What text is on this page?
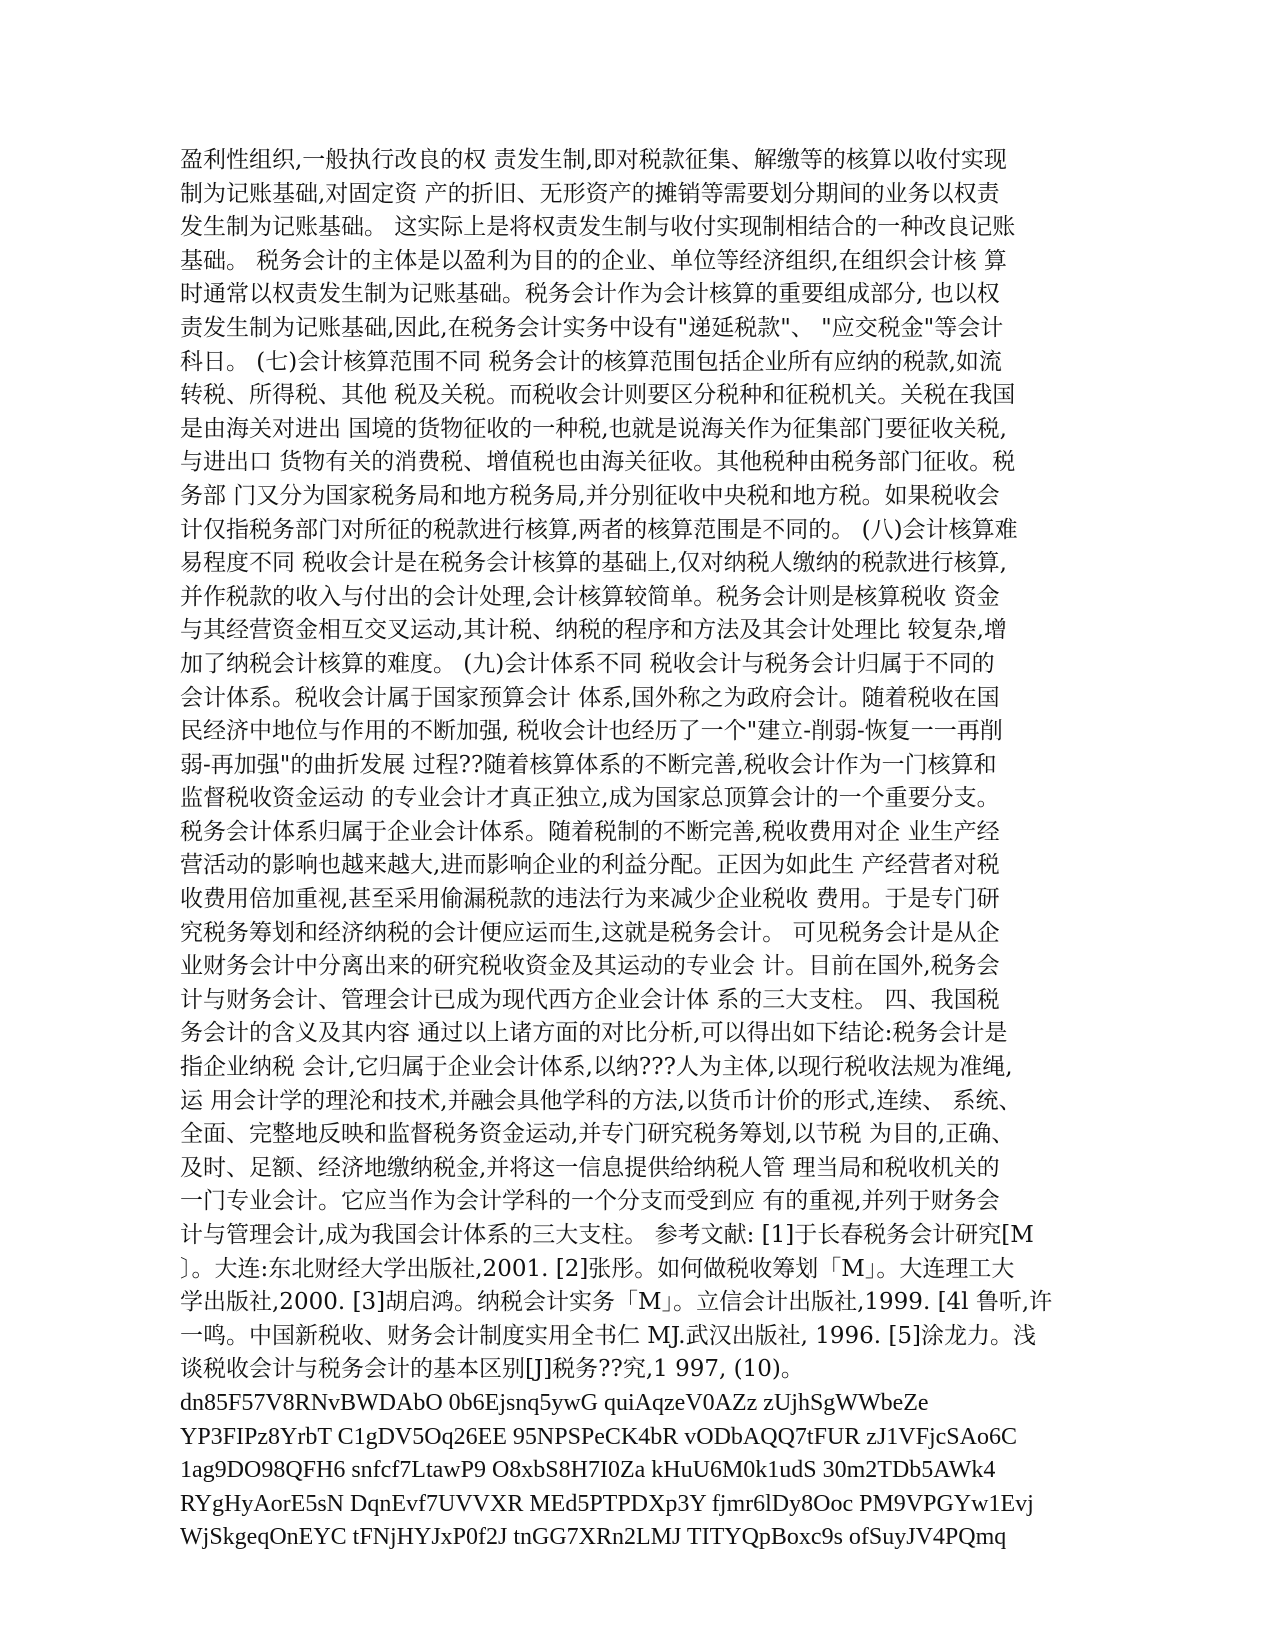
盈利性组织,一般执行改良的权 责发生制,即对税款征集、解缴等的核算以收付实现
制为记账基础,对固定资 产的折旧、无形资产的摊销等需要划分期间的业务以权责
发生制为记账基础。 这实际上是将权责发生制与收付实现制相结合的一种改良记账
基础。 税务会计的主体是以盈利为目的的企业、单位等经济组织,在组织会计核 算
时通常以权责发生制为记账基础。税务会计作为会计核算的重要组成部分, 也以权
责发生制为记账基础,因此,在税务会计实务中设有"递延税款"、 "应交税金"等会计
科日。 (七)会计核算范围不同 税务会计的核算范围包括企业所有应纳的税款,如流
转税、所得税、其他 税及关税。而税收会计则要区分税种和征税机关。关税在我国
是由海关对进出 国境的货物征收的一种税,也就是说海关作为征集部门要征收关税,
与进出口 货物有关的消费税、增值税也由海关征收。其他税种由税务部门征收。税
务部 门又分为国家税务局和地方税务局,并分别征收中央税和地方税。如果税收会
计仅指税务部门对所征的税款进行核算,两者的核算范围是不同的。 (八)会计核算难
易程度不同 税收会计是在税务会计核算的基础上,仅对纳税人缴纳的税款进行核算,
并作税款的收入与付出的会计处理,会计核算较简单。税务会计则是核算税收 资金
与其经营资金相互交叉运动,其计税、纳税的程序和方法及其会计处理比 较复杂,增
加了纳税会计核算的难度。 (九)会计体系不同 税收会计与税务会计归属于不同的
会计体系。税收会计属于国家预算会计 体系,国外称之为政府会计。随着税收在国
民经济中地位与作用的不断加强, 税收会计也经历了一个"建立-削弱-恢复一一再削
弱-再加强"的曲折发展 过程??随着核算体系的不断完善,税收会计作为一门核算和
监督税收资金运动 的专业会计才真正独立,成为国家总顶算会计的一个重要分支。
税务会计体系归属于企业会计体系。随着税制的不断完善,税收费用对企 业生产经
营活动的影响也越来越大,进而影响企业的利益分配。正因为如此生 产经营者对税
收费用倍加重视,甚至采用偷漏税款的违法行为来减少企业税收 费用。于是专门研
究税务筹划和经济纳税的会计便应运而生,这就是税务会计。 可见税务会计是从企
业财务会计中分离出来的研究税收资金及其运动的专业会 计。目前在国外,税务会
计与财务会计、管理会计已成为现代西方企业会计体 系的三大支柱。 四、我国税
务会计的含义及其内容 通过以上诸方面的对比分析,可以得出如下结论:税务会计是
指企业纳税 会计,它归属于企业会计体系,以纳???人为主体,以现行税收法规为准绳,
运 用会计学的理沦和技术,并融会具他学科的方法,以货币计价的形式,连续、 系统、
全面、完整地反映和监督税务资金运动,并专门研究税务筹划,以节税 为目的,正确、
及时、足额、经济地缴纳税金,并将这一信息提供给纳税人管 理当局和税收机关的
一门专业会计。它应当作为会计学科的一个分支而受到应 有的重视,并列于财务会
计与管理会计,成为我国会计体系的三大支柱。 参考文献: [1]于长春税务会计研究[M
〕。大连:东北财经大学出版社,2001. [2]张彤。如何做税收筹划「M」。大连理工大
学出版社,2000. [3]胡启鸿。纳税会计实务「M」。立信会计出版社,1999. [4l 鲁听,许
一鸣。中国新税收、财务会计制度实用全书仁 MJ.武汉出版社, 1996. [5]涂龙力。浅
谈税收会计与税务会计的基本区别[J]税务??究,1 997, (10)。
dn85F57V8RNvBWDAbO 0b6Ejsnq5ywG quiAqzeV0AZz zUjhSgWWbeZe
YP3FIPz8YrbT C1gDV5Oq26EE 95NPSPeCK4bR vODbAQQ7tFUR zJ1VFjcSAo6C
1ag9DO98QFH6 snfcf7LtawP9 O8xbS8H7I0Za kHuU6M0k1udS 30m2TDb5AWk4
RYgHyAorE5sN DqnEvf7UVVXR MEd5PTPDXp3Y fjmr6lDy8Ooc PM9VPGYw1Evj
WjSkgeqOnEYC tFNjHYJxP0f2J tnGG7XRn2LMJ TITYQpBoxc9s ofSuyJV4PQmq
